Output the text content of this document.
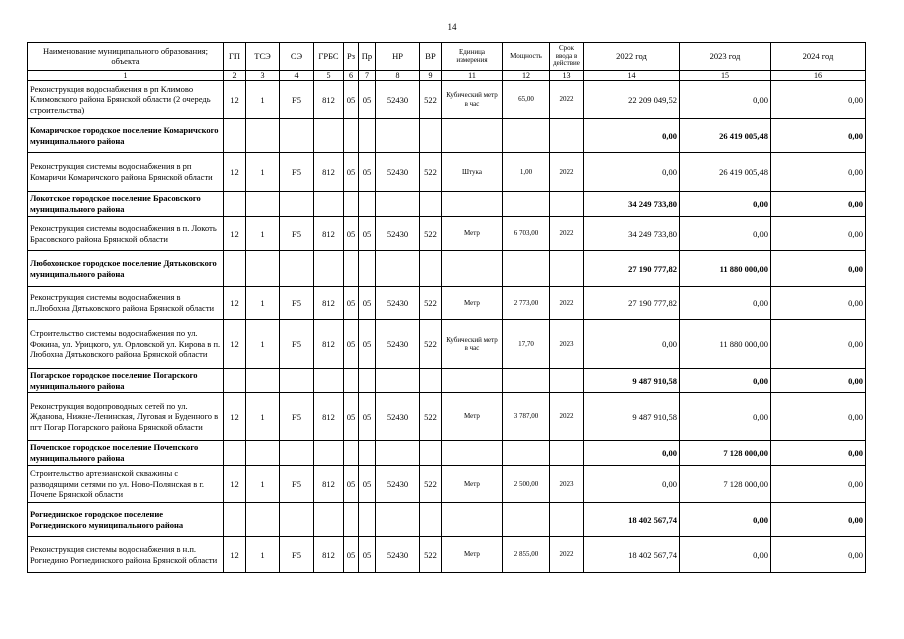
14
Наименование муниципального образования; объекта	ГП	ТСЭ	СЭ	ГРБС	Рз	Пр	НР	ВР	Единица измерения	Мощность	Срок ввода в действие	2022 год	2023 год	2024 год
1	2	3	4	5	6	7	8	9	11	12	13	14	15	16
Реконструкция водоснабжения в рп Климово Климовского района Брянской области (2 очередь строительства)	12	1	F5	812	05	05	52430	522	Кубический метр в час	65,00	2022	22 209 049,52	0,00	0,00
Комаричское городское поселение Комаричского муниципального района												0,00	26 419 005,48	0,00
Реконструкция системы водоснабжения в рп Комаричи Комаричского района Брянской области	12	1	F5	812	05	05	52430	522	Штука	1,00	2022	0,00	26 419 005,48	0,00
Локотское городское поселение Брасовского муниципального района												34 249 733,80	0,00	0,00
Реконструкция системы водоснабжения в п. Локоть Брасовского района Брянской области	12	1	F5	812	05	05	52430	522	Метр	6 703,00	2022	34 249 733,80	0,00	0,00
Любохонское городское поселение Дятьковского муниципального района												27 190 777,82	11 880 000,00	0,00
Реконструкция системы водоснабжения в п.Любохна Дятьковского района Брянской области	12	1	F5	812	05	05	52430	522	Метр	2 773,00	2022	27 190 777,82	0,00	0,00
Строительство системы водоснабжения по ул. Фокина, ул. Урицкого, ул. Орловской ул. Кирова в п. Любохна Дятьковского района Брянской области	12	1	F5	812	05	05	52430	522	Кубический метр в час	17,70	2023	0,00	11 880 000,00	0,00
Погарское городское поселение Погарского муниципального района												9 487 910,58	0,00	0,00
Реконструкция водопроводных сетей по ул. Жданова, Нижне-Ленинская, Луговая и Буденного в пгт Погар Погарского района Брянской области	12	1	F5	812	05	05	52430	522	Метр	3 787,00	2022	9 487 910,58	0,00	0,00
Почепское городское поселение Почепского муниципального района												0,00	7 128 000,00	0,00
Строительство артезианской скважины с разводящими сетями по ул. Ново-Полянская в г. Почепе Брянской области	12	1	F5	812	05	05	52430	522	Метр	2 500,00	2023	0,00	7 128 000,00	0,00
Рогнединское городское поселение Рогнединского муниципального района												18 402 567,74	0,00	0,00
Реконструкция системы водоснабжения в н.п. Рогнедино Рогнединского района Брянской области	12	1	F5	812	05	05	52430	522	Метр	2 855,00	2022	18 402 567,74	0,00	0,00
